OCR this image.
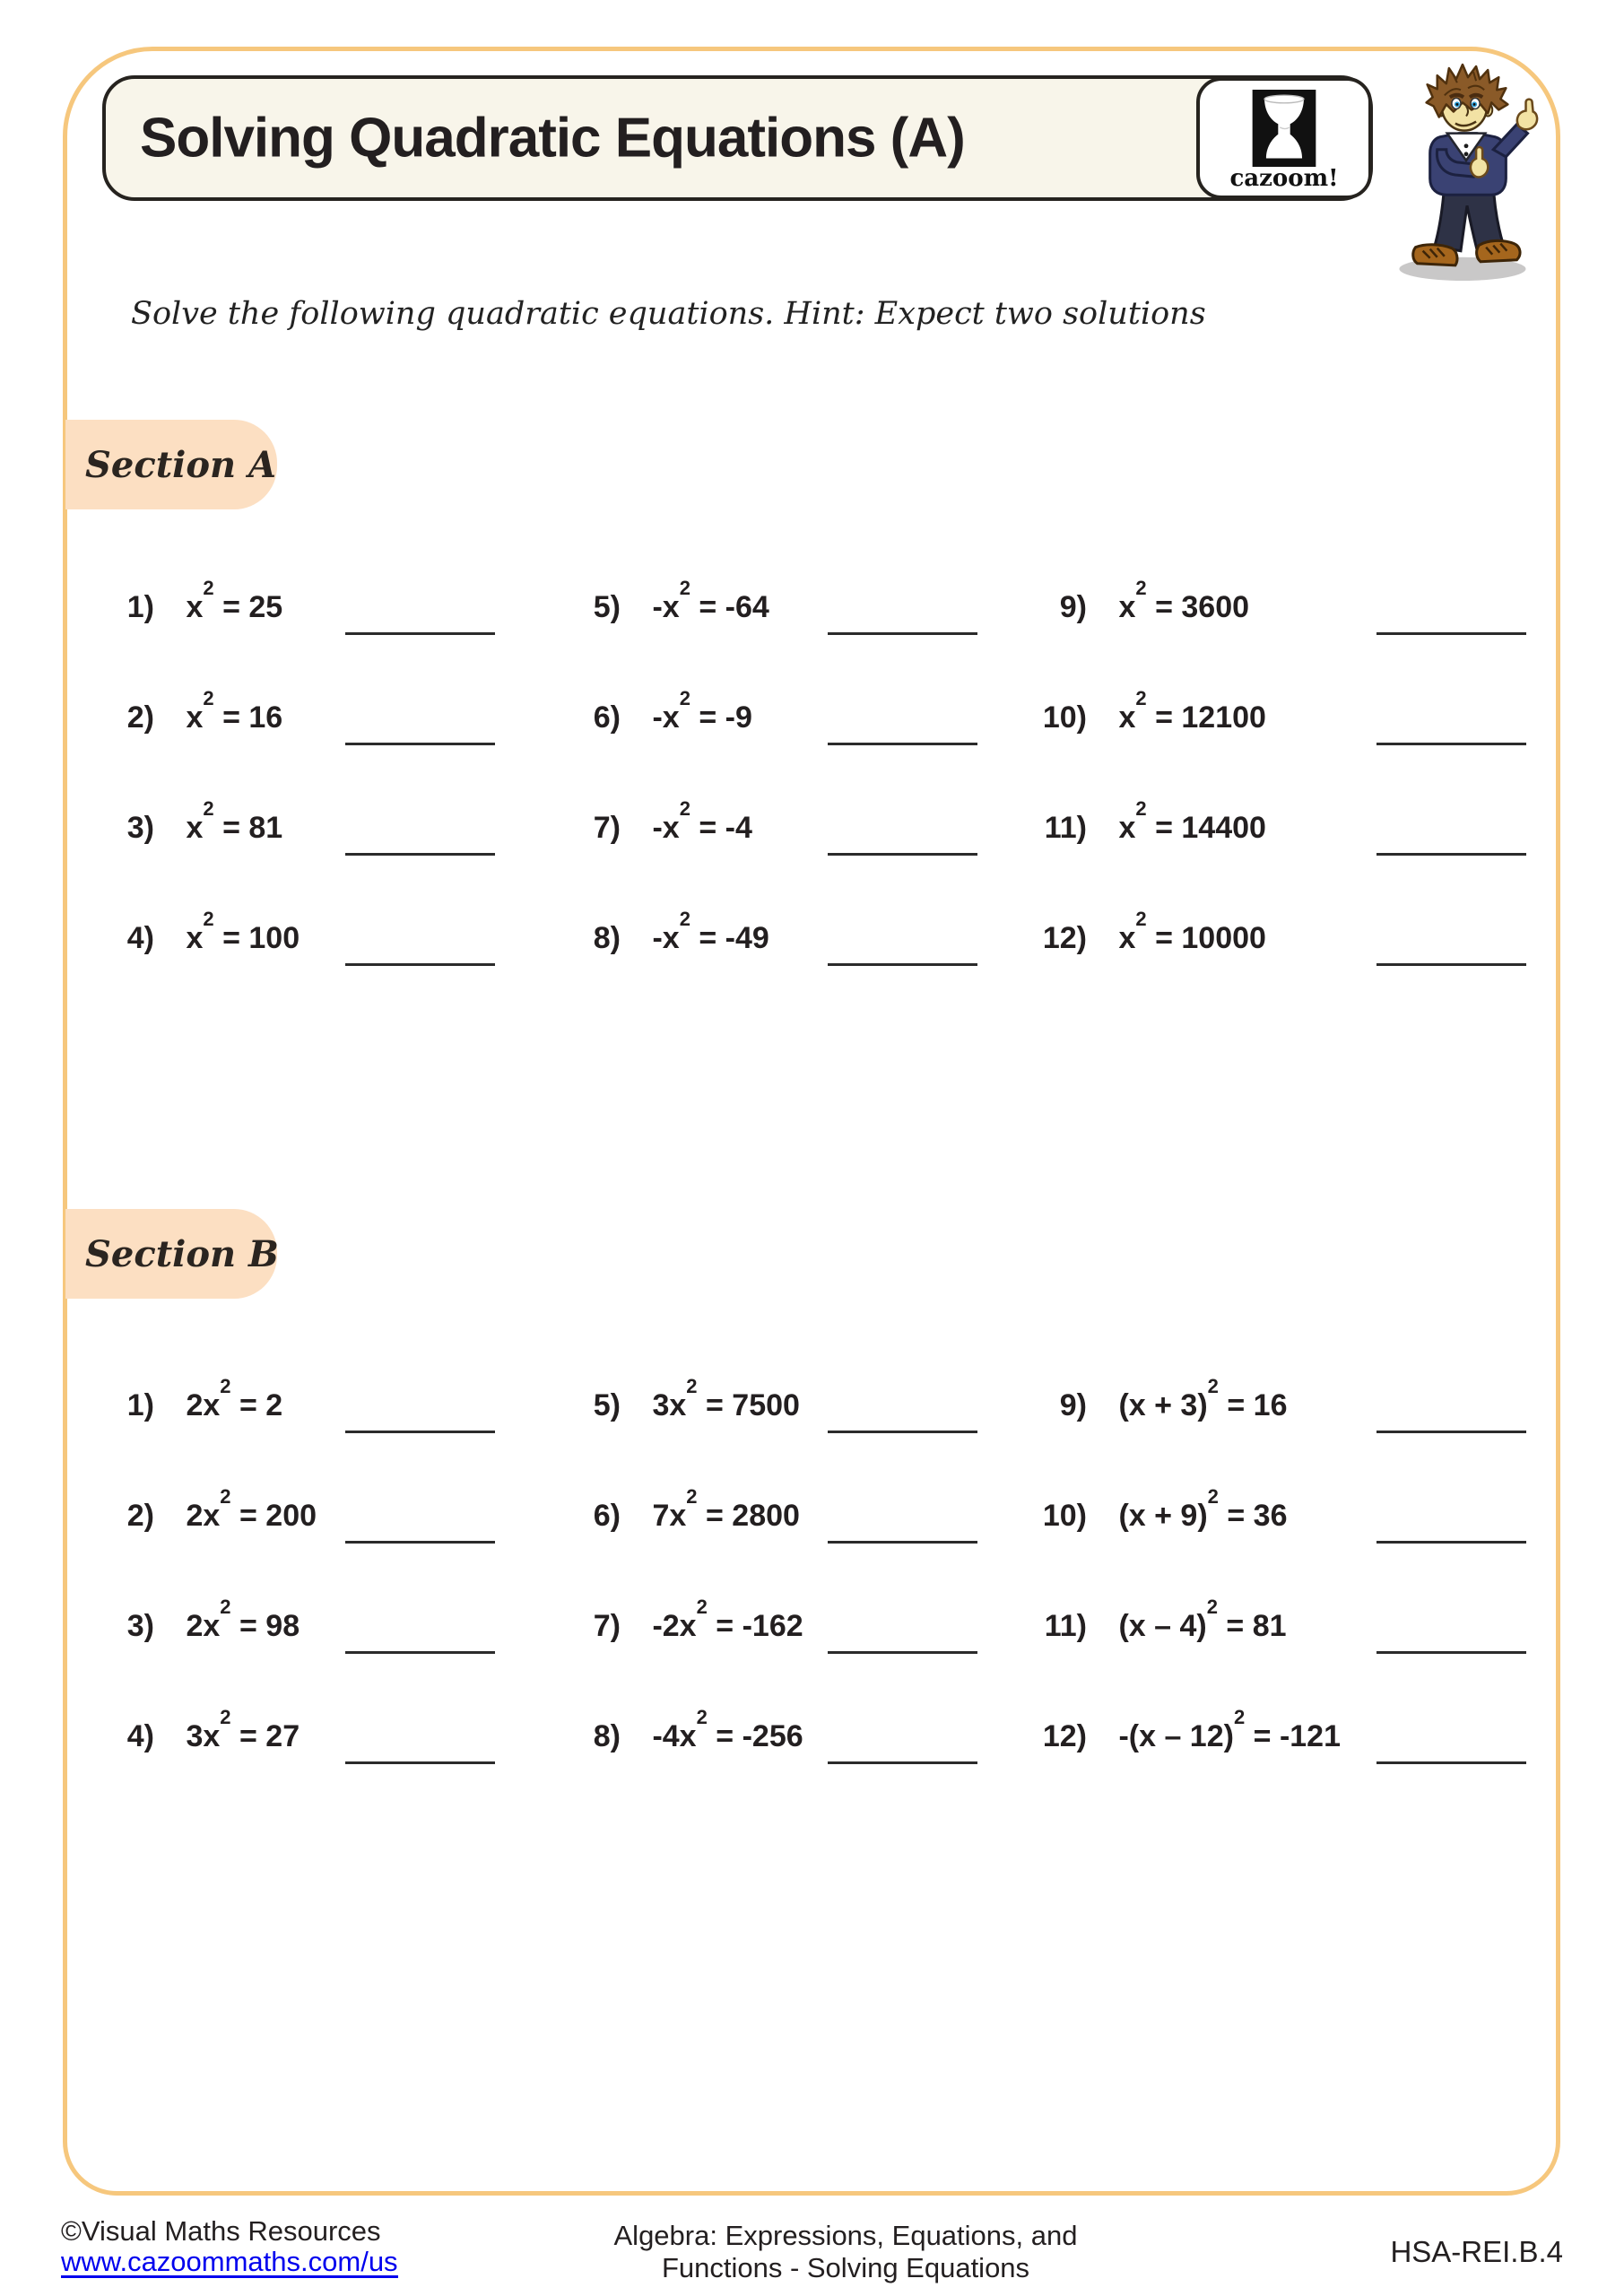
Solving Quadratic Equations (A)
cazoom!
Solve the following quadratic equations. Hint: Expect two solutions
Section A
1) $x^2 = 25$
2) $x^2 = 16$
3) $x^2 = 81$
4) $x^2 = 100$
5) $-x^2 = -64$
6) $-x^2 = -9$
7) $-x^2 = -4$
8) $-x^2 = -49$
9) $x^2 = 3600$
10) $x^2 = 12100$
11) $x^2 = 14400$
12) $x^2 = 10000$
Section B
1) $2x^2 = 2$
2) $2x^2 = 200$
3) $2x^2 = 98$
4) $3x^2 = 27$
5) $3x^2 = 7500$
6) $7x^2 = 2800$
7) $-2x^2 = -162$
8) $-4x^2 = -256$
9) $(x + 3)^2 = 16$
10) $(x + 9)^2 = 36$
11) (x – 4)$^2$ = 81
12) -(x – 12)$^2$ = -121
©Visual Maths Resources
www.cazoommaths.com/us
Algebra: Expressions, Equations, and
Functions - Solving Equations	HSA-REI.B.4
